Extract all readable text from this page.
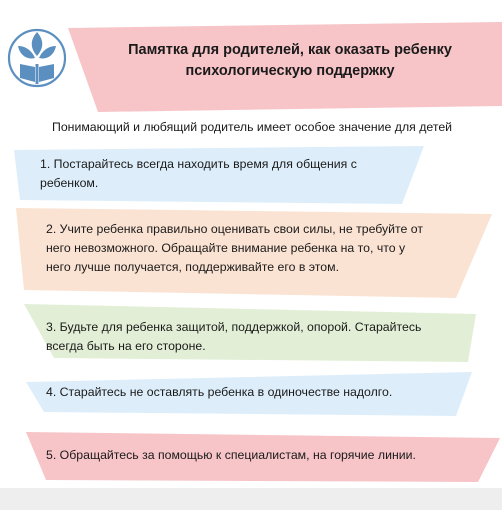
Памятка для родителей, как оказать ребенку
психологическую поддержку
Понимающий и любящий родитель имеет особое значение для детей
1. Постарайтесь всегда находить время для общения с
ребенком.
2. Учите ребенка правильно оценивать свои силы, не требуйте от
него невозможного. Обращайте внимание ребенка на то, что у
него лучше получается, поддерживайте его в этом.
3. Будьте для ребенка защитой, поддержкой, опорой. Старайтесь
всегда быть на его стороне.
4. Старайтесь не оставлять ребенка в одиночестве надолго.
5. Обращайтесь за помощью к специалистам, на горячие линии.
